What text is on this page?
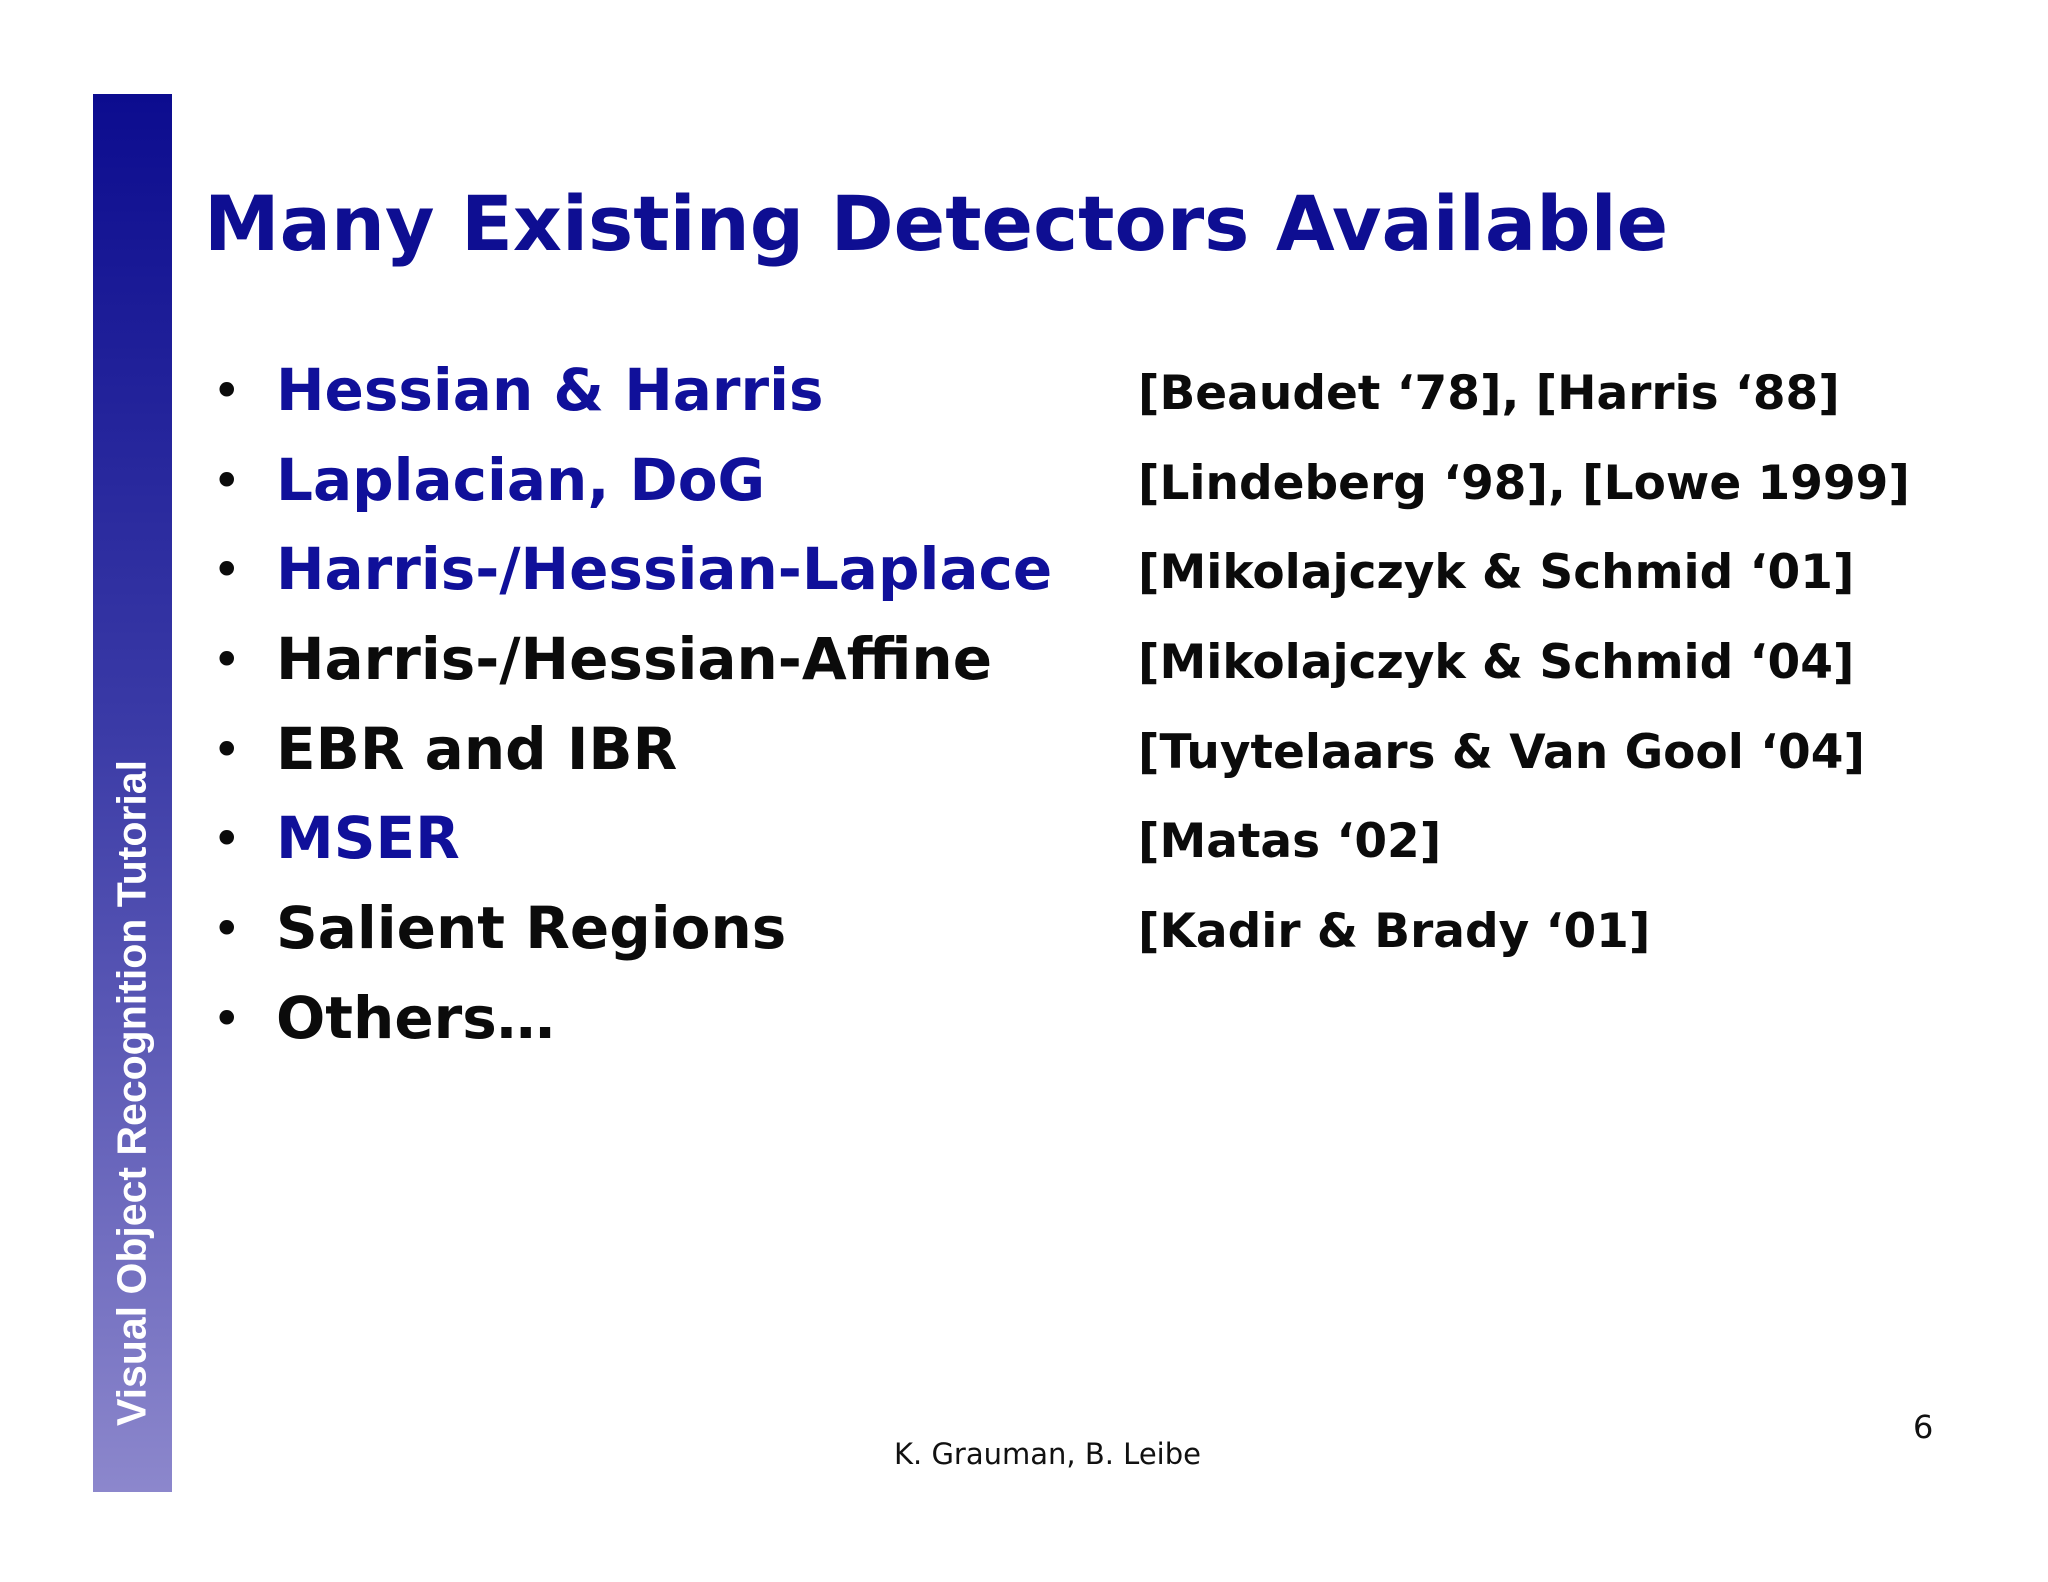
Visual Object Recognition Tutorial
Many Existing Detectors Available
• Hessian & Harris	[Beaudet ‘78], [Harris ‘88]
• Laplacian, DoG	[Lindeberg ‘98], [Lowe 1999]
• Harris-/Hessian-Laplace [Mikolajczyk & Schmid ‘01]
• Harris-/Hessian-Affine	[Mikolajczyk & Schmid ‘04]
• EBR and IBR	[Tuytelaars & Van Gool ‘04]
• MSER	[Matas ‘02]
• Salient Regions	[Kadir & Brady ‘01]
• Others…
K. Grauman, B. Leibe
6
